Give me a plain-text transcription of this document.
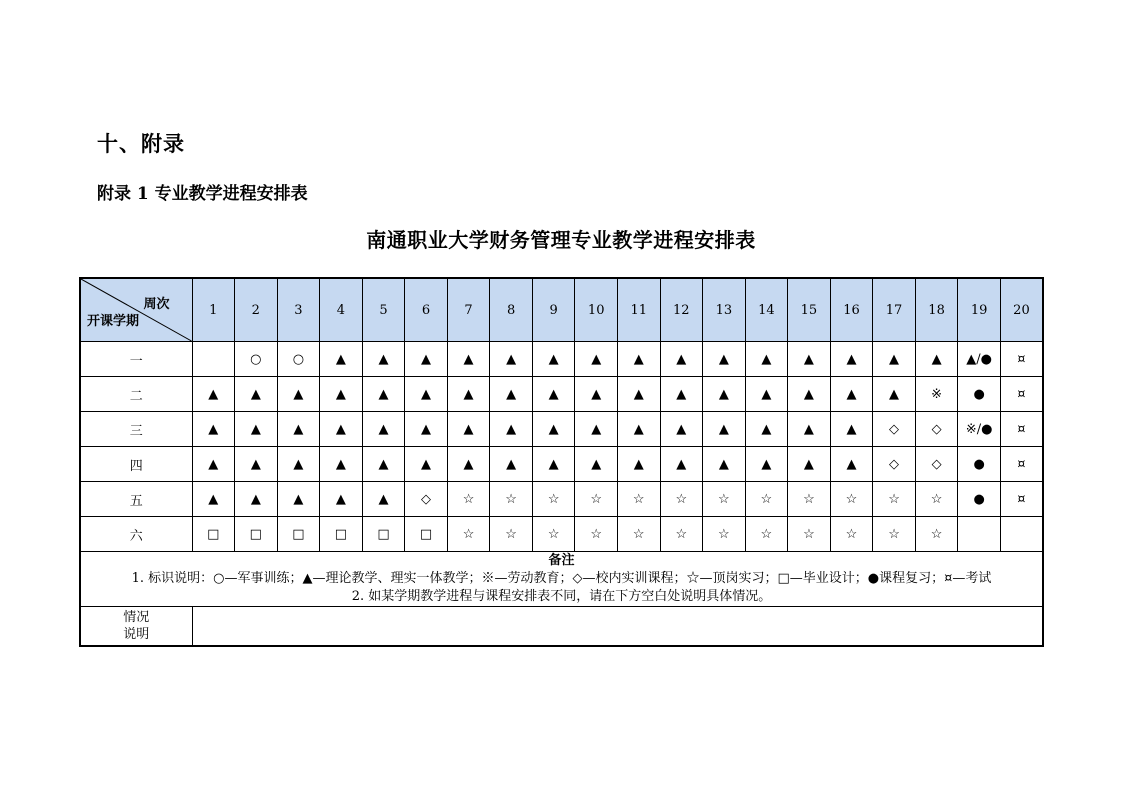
十、附录
附录 1 专业教学进程安排表
南通职业大学财务管理专业教学进程安排表
周次
开课学期	1	2	3	4	5	6	7	8	9	10	11	12	13	14	15	16	17	18	19	20
一		○	○	▲	▲	▲	▲	▲	▲	▲	▲	▲	▲	▲	▲	▲	▲	▲	▲/●	¤
二	▲	▲	▲	▲	▲	▲	▲	▲	▲	▲	▲	▲	▲	▲	▲	▲	▲	※	●	¤
三	▲	▲	▲	▲	▲	▲	▲	▲	▲	▲	▲	▲	▲	▲	▲	▲	◇	◇	※/●	¤
四	▲	▲	▲	▲	▲	▲	▲	▲	▲	▲	▲	▲	▲	▲	▲	▲	◇	◇	●	¤
五	▲	▲	▲	▲	▲	◇	☆	☆	☆	☆	☆	☆	☆	☆	☆	☆	☆	☆	●	¤
六	□	□	□	□	□	□	☆	☆	☆	☆	☆	☆	☆	☆	☆	☆	☆	☆		

备注
1. 标识说明：○—军事训练；▲—理论教学、理实一体教学；※—劳动教育；◇—校内实训课程；☆—顶岗实习；□—毕业设计；●课程复习；¤—考试
2. 如某学期教学进程与课程安排表不同，请在下方空白处说明具体情况。																				

情况
说明																				
